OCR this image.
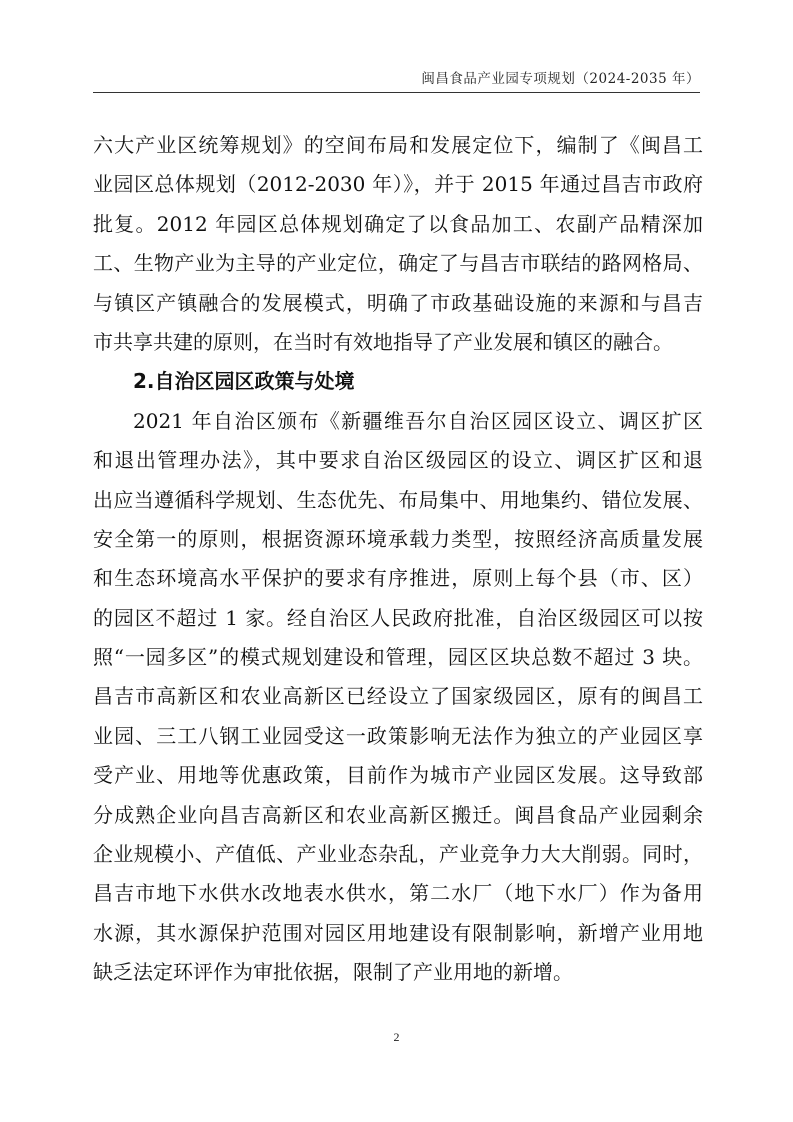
闽昌食品产业园专项规划（2024-2035 年）
六大产业区统筹规划》的空间布局和发展定位下，编制了《闽昌工
业园区总体规划（2012-2030 年）》，并于 2015 年通过昌吉市政府
批复。2012 年园区总体规划确定了以食品加工、农副产品精深加
工、生物产业为主导的产业定位，确定了与昌吉市联结的路网格局、
与镇区产镇融合的发展模式，明确了市政基础设施的来源和与昌吉
市共享共建的原则，在当时有效地指导了产业发展和镇区的融合。
2.自治区园区政策与处境
2021 年自治区颁布《新疆维吾尔自治区园区设立、调区扩区
和退出管理办法》，其中要求自治区级园区的设立、调区扩区和退
出应当遵循科学规划、生态优先、布局集中、用地集约、错位发展、
安全第一的原则，根据资源环境承载力类型，按照经济高质量发展
和生态环境高水平保护的要求有序推进，原则上每个县（市、区）
的园区不超过 1 家。经自治区人民政府批准，自治区级园区可以按
照“一园多区”的模式规划建设和管理，园区区块总数不超过 3 块。
昌吉市高新区和农业高新区已经设立了国家级园区，原有的闽昌工
业园、三工八钢工业园受这一政策影响无法作为独立的产业园区享
受产业、用地等优惠政策，目前作为城市产业园区发展。这导致部
分成熟企业向昌吉高新区和农业高新区搬迁。闽昌食品产业园剩余
企业规模小、产值低、产业业态杂乱，产业竞争力大大削弱。同时，
昌吉市地下水供水改地表水供水，第二水厂（地下水厂）作为备用
水源，其水源保护范围对园区用地建设有限制影响，新增产业用地
缺乏法定环评作为审批依据，限制了产业用地的新增。
2
